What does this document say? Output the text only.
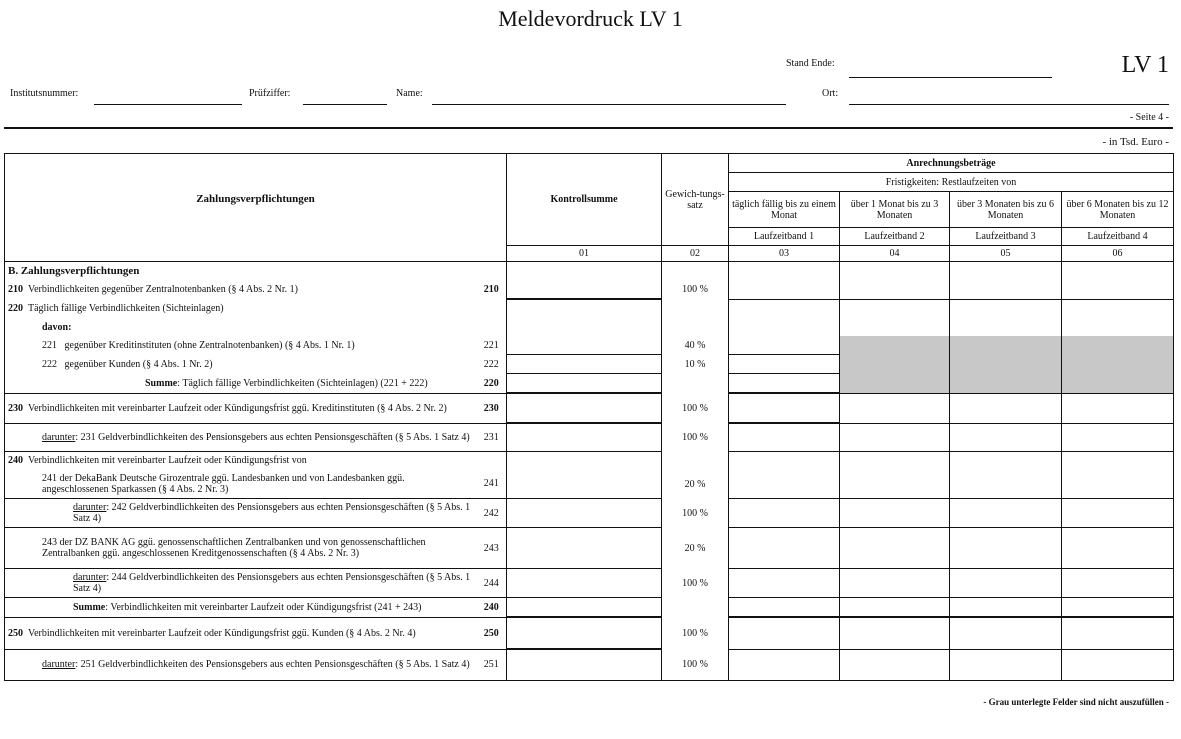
Meldevordruck LV 1
Stand Ende:	LV 1
Institutsnummer:	Prüfziffer:	Name:	Ort:
- Seite 4 -
- in Tsd. Euro -
Zahlungsverpflichtungen		Kontrollsumme	Gewich-tungs-satz	Anrechnungsbeträge			
				Fristigkeiten: Restlaufzeiten von			
				täglich fällig bis zu einem Monat	über 1 Monat bis zu 3 Monaten	über 3 Monaten bis zu 6 Monaten	über 6 Monaten bis zu 12 Monaten
				Laufzeitband 1	Laufzeitband 2	Laufzeitband 3	Laufzeitband 4
		01	02	03	04	05	06
B. Zahlungsverpflichtungen							
210 Verbindlichkeiten gegenüber Zentralnotenbanken (§ 4 Abs. 2 Nr. 1)	210		100 %				
220 Täglich fällige Verbindlichkeiten (Sichteinlagen)							
davon:							
221 gegenüber Kreditinstituten (ohne Zentralnotenbanken) (§ 4 Abs. 1 Nr. 1)	221		40 %				
222 gegenüber Kunden (§ 4 Abs. 1 Nr. 2)	222		10 %				
Summe: Täglich fällige Verbindlichkeiten (Sichteinlagen) (221 + 222)	220						
230 Verbindlichkeiten mit vereinbarter Laufzeit oder Kündigungsfrist ggü. Kreditinstituten (§ 4 Abs. 2 Nr. 2)	230		100 %				
darunter: 231 Geldverbindlichkeiten des Pensionsgebers aus echten Pensionsgeschäften (§ 5 Abs. 1 Satz 4)	231		100 %				
240 Verbindlichkeiten mit vereinbarter Laufzeit oder Kündigungsfrist von							
241 der DekaBank Deutsche Girozentrale ggü. Landesbanken und von Landesbanken ggü. angeschlossenen Sparkassen (§ 4 Abs. 2 Nr. 3)	241		20 %				
darunter: 242 Geldverbindlichkeiten des Pensionsgebers aus echten Pensionsgeschäften (§ 5 Abs. 1 Satz 4)	242		100 %				
243 der DZ BANK AG ggü. genossenschaftlichen Zentralbanken und von genossenschaftlichen Zentralbanken ggü. angeschlossenen Kreditgenossenschaften (§ 4 Abs. 2 Nr. 3)	243		20 %				
darunter: 244 Geldverbindlichkeiten des Pensionsgebers aus echten Pensionsgeschäften (§ 5 Abs. 1 Satz 4)	244		100 %				
Summe: Verbindlichkeiten mit vereinbarter Laufzeit oder Kündigungsfrist (241 + 243)	240						
250 Verbindlichkeiten mit vereinbarter Laufzeit oder Kündigungsfrist ggü. Kunden (§ 4 Abs. 2 Nr. 4)	250		100 %				
darunter: 251 Geldverbindlichkeiten des Pensionsgebers aus echten Pensionsgeschäften (§ 5 Abs. 1 Satz 4)	251		100 %				
- Grau unterlegte Felder sind nicht auszufüllen -
